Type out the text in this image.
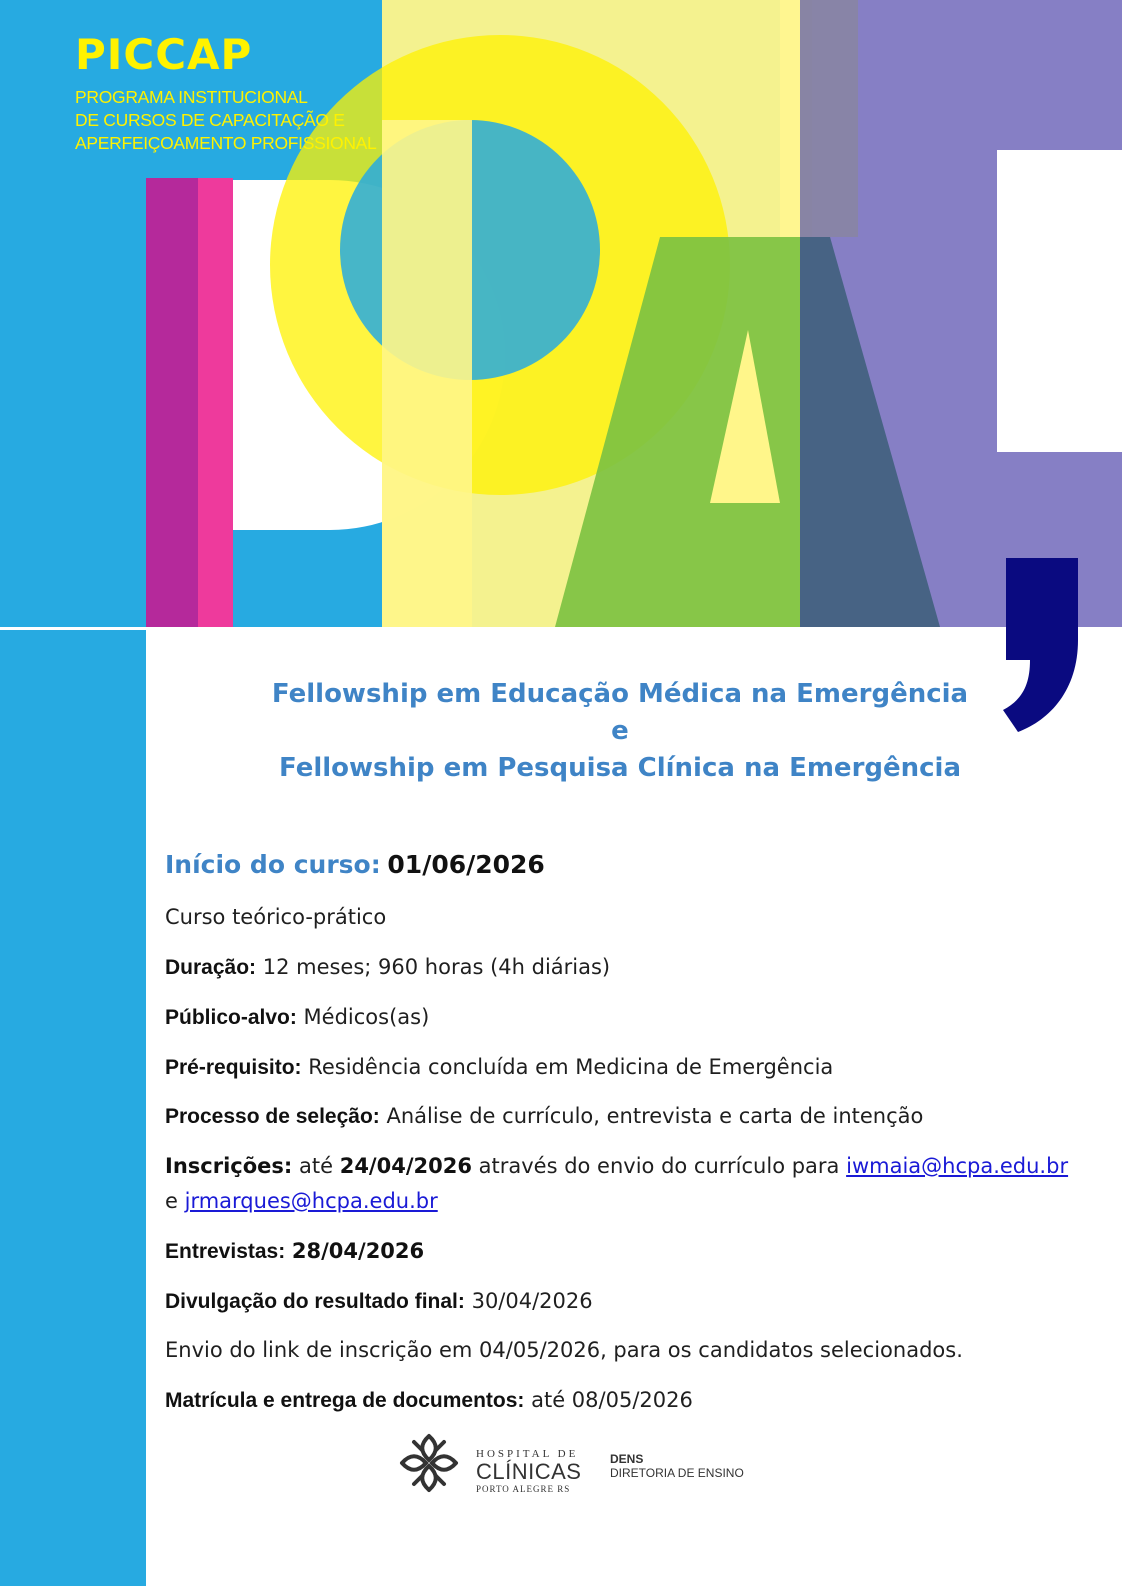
PICCAP
PROGRAMA INSTITUCIONAL
DE CURSOS DE CAPACITAÇÃO E
APERFEIÇOAMENTO PROFISSIONAL
Fellowship em Educação Médica na Emergência
e
Fellowship em Pesquisa Clínica na Emergência
Início do curso: 01/06/2026
Curso teórico-prático
Duração: 12 meses; 960 horas (4h diárias)
Público-alvo: Médicos(as)
Pré-requisito: Residência concluída em Medicina de Emergência
Processo de seleção: Análise de currículo, entrevista e carta de intenção
Inscrições: até 24/04/2026 através do envio do currículo para iwmaia@hcpa.edu.br
e jrmarques@hcpa.edu.br
Entrevistas: 28/04/2026
Divulgação do resultado final: 30/04/2026
Envio do link de inscrição em 04/05/2026, para os candidatos selecionados.
Matrícula e entrega de documentos: até 08/05/2026
HOSPITAL DE
CLÍNICAS
PORTO ALEGRE RS
DENS
DIRETORIA DE ENSINO
